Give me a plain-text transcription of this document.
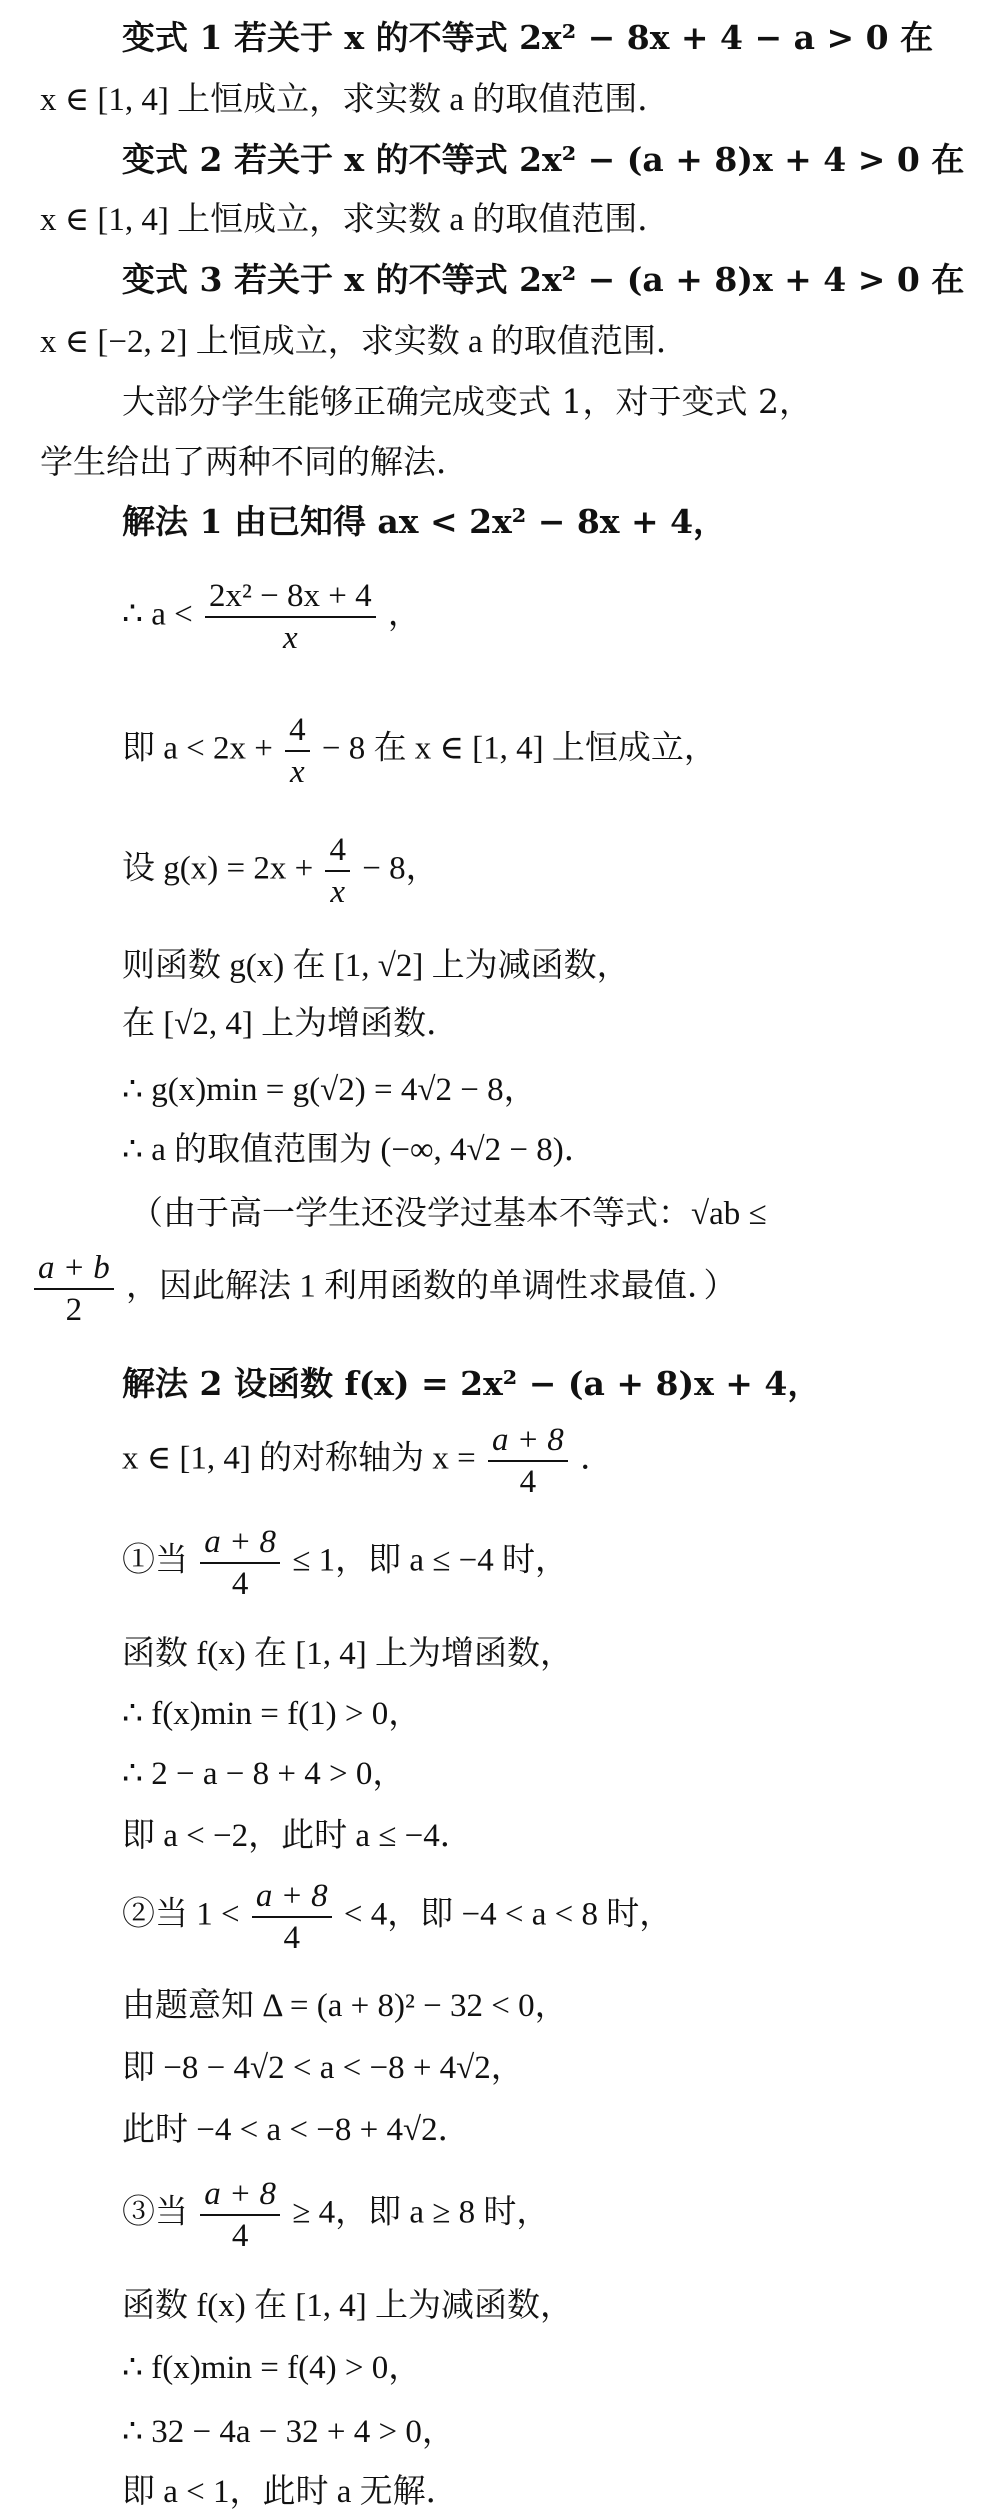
变式 1 若关于 x 的不等式 2x² − 8x + 4 − a > 0 在
x ∈ [1, 4] 上恒成立，求实数 a 的取值范围．
变式 2 若关于 x 的不等式 2x² − (a + 8)x + 4 > 0 在
x ∈ [1, 4] 上恒成立，求实数 a 的取值范围．
变式 3 若关于 x 的不等式 2x² − (a + 8)x + 4 > 0 在
x ∈ [−2, 2] 上恒成立，求实数 a 的取值范围．
大部分学生能够正确完成变式 1，对于变式 2，
学生给出了两种不同的解法．
解法 1 由已知得 ax < 2x² − 8x + 4，
∴ $a < \frac{\text{2x² − 8x + 4}}{x}$ ，
即 $a < 2x + \frac{4}{x} - 8$ 在 x ∈ [1, 4] 上恒成立，
设 $g(x) = 2x + \frac{4}{x} - 8$，
则函数 g(x) 在 [1, √2] 上为减函数，
在 [√2, 4] 上为增函数．
∴ g(x)min = g(√2) = 4√2 − 8，
∴ a 的取值范围为 (−∞, 4√2 − 8)．
（由于高一学生还没学过基本不等式：√ab ≤
$\frac{a + b}{2}$ ，因此解法 1 利用函数的单调性求最值．）
解法 2 设函数 f(x) = 2x² − (a + 8)x + 4，
x ∈ [1, 4] 的对称轴为 $x = \frac{a + 8}{4}$ ．
①当 $\frac{a + 8}{4} \le 1$，即 a ≤ −4 时，
函数 f(x) 在 [1, 4] 上为增函数，
∴ f(x)min = f(1) > 0，
∴ 2 − a − 8 + 4 > 0，
即 a < −2，此时 a ≤ −4．
②当 $1 < \frac{a + 8}{4} < 4$，即 −4 < a < 8 时，
由题意知 Δ = (a + 8)² − 32 < 0，
即 −8 − 4√2 < a < −8 + 4√2，
此时 −4 < a < −8 + 4√2．
③当 $\frac{a + 8}{4} \ge 4$，即 a ≥ 8 时，
函数 f(x) 在 [1, 4] 上为减函数，
∴ f(x)min = f(4) > 0，
∴ 32 − 4a − 32 + 4 > 0，
即 a < 1，此时 a 无解．
